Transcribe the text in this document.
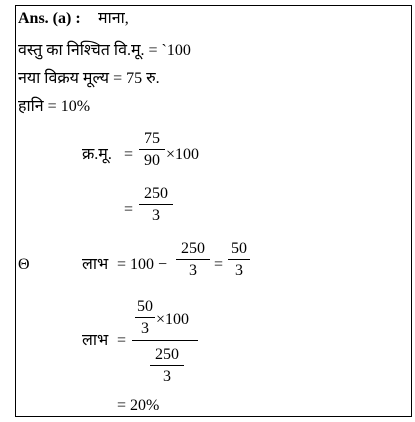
Ans. (a) : माना,
वस्तु का निश्चित वि.मू. = `100
नया विक्रय मूल्य = 75 रु.
हानि = 10%
क्र.मू. =
75
90 ×100
=
250
3
Θ	लाभ = 100 −
250
3	=
50
3
लाभ =
50
3
×100
250
3
= 20%
